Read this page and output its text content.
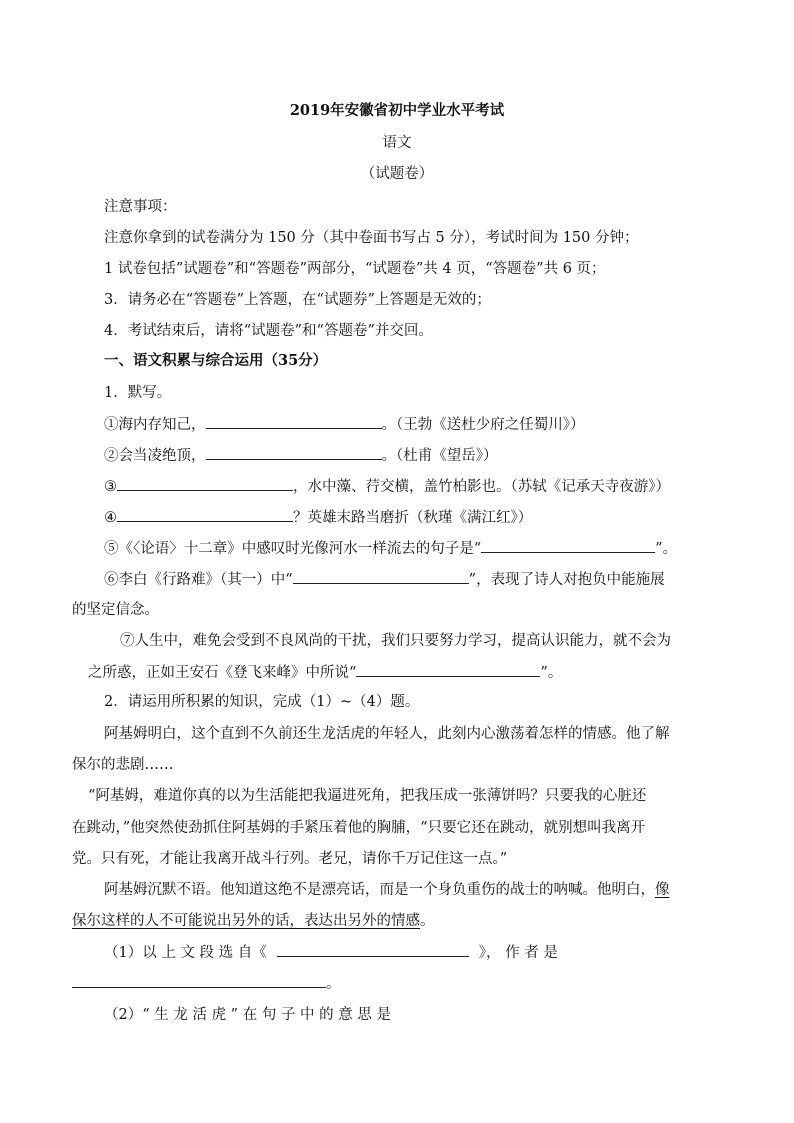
2019年安徽省初中学业水平考试
语文
（试题卷）
注意事项：
注意你拿到的试卷满分为 150 分（其中卷面书写占 5 分），考试时间为 150 分钟；
1 试卷包括”试题卷”和“答题卷”两部分，“试题卷”共 4 页，“答题卷”共 6 页；
3．请务必在“答题卷”上答题，在“试题券”上答题是无效的；
4．考试结束后，请将“试题卷”和“答题卷”并交回。
一、语文积累与综合运用（35分）
1．默写。
①海内存知己，	。（王勃《送杜少府之任蜀川》）
②会当凌绝顶，	。（杜甫《望岳》）
③	，水中藻、荇交横，盖竹柏影也。（苏轼《记承天寺夜游》）
④	？英雄末路当磨折（秋瑾《满江红》）
⑤《〈论语〉十二章》中感叹时光像河水一样流去的句子是“	”。
⑥李白《行路难》（其一）中“	”，表现了诗人对抱负中能施展
的坚定信念。
⑦人生中，难免会受到不良风尚的干扰，我们只要努力学习，提高认识能力，就不会为
之所惑，正如王安石《登飞来峰》中所说“	”。
2．请运用所积累的知识，完成（1）~（4）题。
阿基姆明白，这个直到不久前还生龙活虎的年轻人，此刻内心激荡着怎样的情感。他了解
保尔的悲剧……
“阿基姆，难道你真的以为生活能把我逼进死角，把我压成一张薄饼吗？只要我的心脏还
在跳动，”他突然使劲抓住阿基姆的手紧压着他的胸脯，“只要它还在跳动，就别想叫我离开
党。只有死，才能让我离开战斗行列。老兄，请你千万记住这一点。”
阿基姆沉默不语。他知道这绝不是漂亮话，而是一个身负重伤的战士的呐喊。他明白，像
保尔这样的人不可能说出另外的话，表达出另外的情感。
（1）以 上 文 段 选 自《	》， 作 者 是
。
（2）“ 生 龙 活 虎 ” 在 句 子 中 的 意 思 是
